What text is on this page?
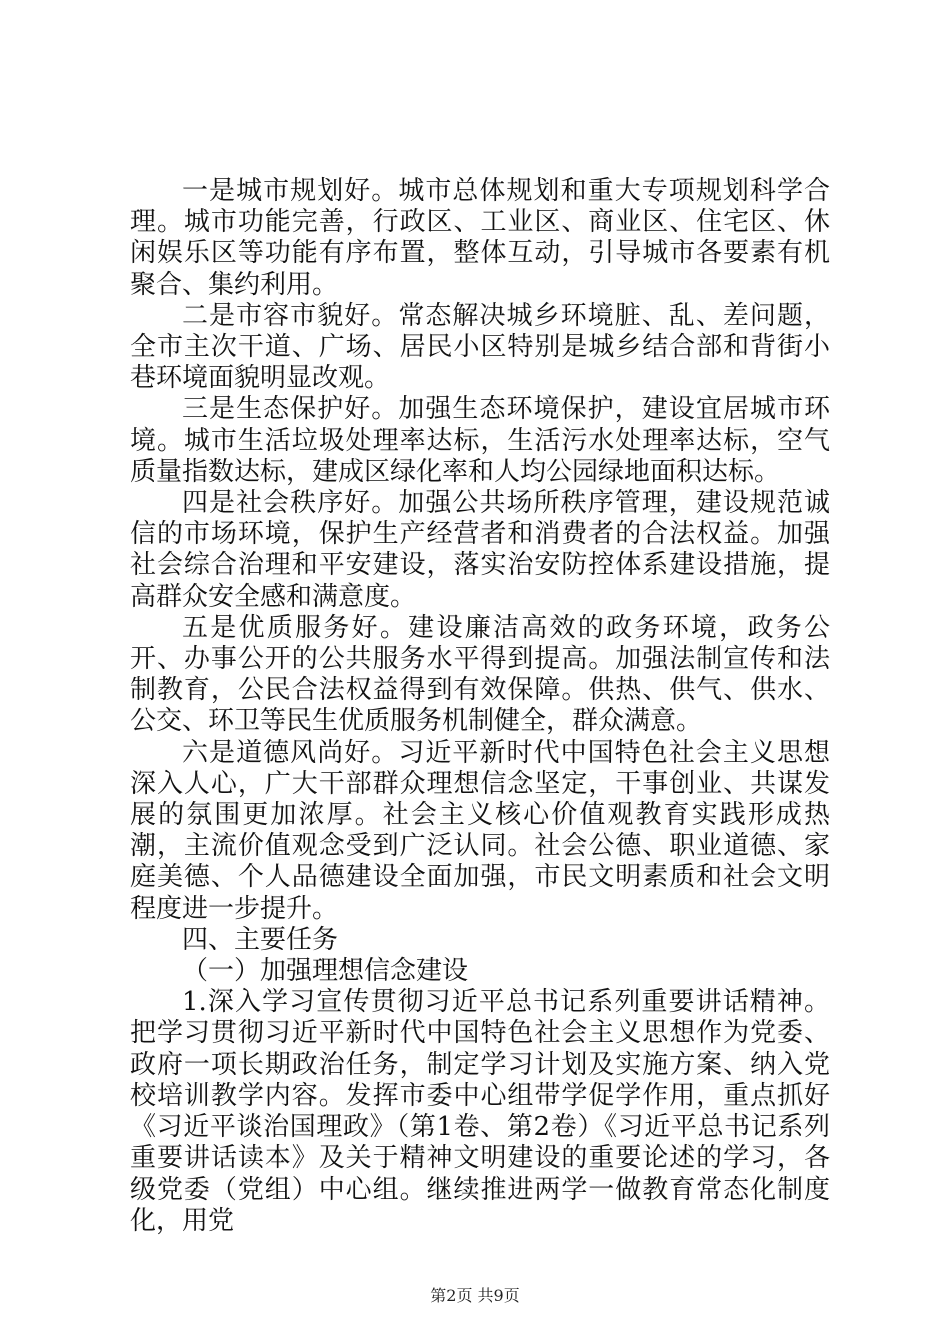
一是城市规划好。城市总体规划和重大专项规划科学合理。城市功能完善，行政区、工业区、商业区、住宅区、休闲娱乐区等功能有序布置，整体互动，引导城市各要素有机聚合、集约利用。

二是市容市貌好。常态解决城乡环境脏、乱、差问题，全市主次干道、广场、居民小区特别是城乡结合部和背街小巷环境面貌明显改观。

三是生态保护好。加强生态环境保护，建设宜居城市环境。城市生活垃圾处理率达标，生活污水处理率达标，空气质量指数达标，建成区绿化率和人均公园绿地面积达标。

四是社会秩序好。加强公共场所秩序管理，建设规范诚信的市场环境，保护生产经营者和消费者的合法权益。加强社会综合治理和平安建设，落实治安防控体系建设措施，提高群众安全感和满意度。

五是优质服务好。建设廉洁高效的政务环境，政务公开、办事公开的公共服务水平得到提高。加强法制宣传和法制教育，公民合法权益得到有效保障。供热、供气、供水、公交、环卫等民生优质服务机制健全，群众满意。

六是道德风尚好。习近平新时代中国特色社会主义思想深入人心，广大干部群众理想信念坚定，干事创业、共谋发展的氛围更加浓厚。社会主义核心价值观教育实践形成热潮，主流价值观念受到广泛认同。社会公德、职业道德、家庭美德、个人品德建设全面加强，市民文明素质和社会文明程度进一步提升。

四、主要任务

（一）加强理想信念建设

1.深入学习宣传贯彻习近平总书记系列重要讲话精神。把学习贯彻习近平新时代中国特色社会主义思想作为党委、政府一项长期政治任务，制定学习计划及实施方案、纳入党校培训教学内容。发挥市委中心组带学促学作用，重点抓好《习近平谈治国理政》（第1卷、第2卷）《习近平总书记系列重要讲话读本》及关于精神文明建设的重要论述的学习，各级党委（党组）中心组。继续推进两学一做教育常态化制度化，用党

第2页 共9页
